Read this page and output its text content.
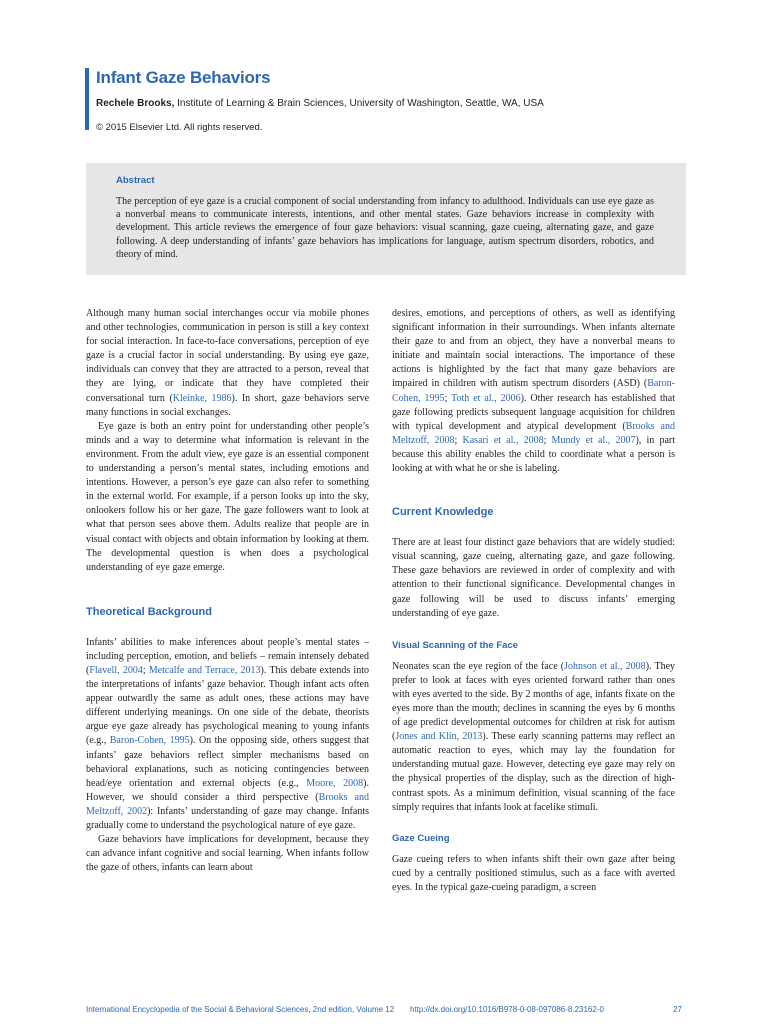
Infant Gaze Behaviors
Rechele Brooks, Institute of Learning & Brain Sciences, University of Washington, Seattle, WA, USA
© 2015 Elsevier Ltd. All rights reserved.
Abstract

The perception of eye gaze is a crucial component of social understanding from infancy to adulthood. Individuals can use eye gaze as a nonverbal means to communicate interests, intentions, and other mental states. Gaze behaviors increase in complexity with development. This article reviews the emergence of four gaze behaviors: visual scanning, gaze cueing, alternating gaze, and gaze following. A deep understanding of infants’ gaze behaviors has implications for language, autism spectrum disorders, robotics, and theory of mind.

Although many human social interchanges occur via mobile phones and other technologies, communication in person is still a key context for social interaction. In face-to-face conversations, perception of eye gaze is a crucial factor in social understanding. By using eye gaze, individuals can convey that they are attracted to a person, reveal that they are lying, or indicate that they have completed their conversational turn (Kleinke, 1986). In short, gaze behaviors serve many functions in social exchanges.

Eye gaze is both an entry point for understanding other people’s minds and a way to determine what information is relevant in the environment. From the adult view, eye gaze is an essential component to understanding a person’s mental states, including emotions and intentions. However, a person’s eye gaze can also refer to something in the external world. For example, if a person looks up into the sky, onlookers follow his or her gaze. The gaze followers want to look at what that person sees above them. Adults realize that people are in visual contact with objects and obtain information by looking at them. The developmental question is when does a psychological understanding of eye gaze emerge.

Theoretical Background

Infants’ abilities to make inferences about people’s mental states – including perception, emotion, and beliefs – remain intensely debated (Flavell, 2004; Metcalfe and Terrace, 2013). This debate extends into the interpretations of infants’ gaze behavior. Though infant acts often appear outwardly the same as adult ones, these actions may have different underlying meanings. On one side of the debate, theorists argue eye gaze already has psychological meaning to young infants (e.g., Baron-Cohen, 1995). On the opposing side, others suggest that infants’ gaze behaviors reflect simpler mechanisms based on behavioral explanations, such as noticing contingencies between head/eye orientation and external objects (e.g., Moore, 2008). However, we should consider a third perspective (Brooks and Meltzoff, 2002): Infants’ understanding of gaze may change. Infants gradually come to understand the psychological nature of eye gaze.

Gaze behaviors have implications for development, because they can advance infant cognitive and social learning. When infants follow the gaze of others, infants can learn about

desires, emotions, and perceptions of others, as well as identifying significant information in their surroundings. When infants alternate their gaze to and from an object, they have a nonverbal means to initiate and maintain social interactions. The importance of these actions is highlighted by the fact that many gaze behaviors are impaired in children with autism spectrum disorders (ASD) (Baron-Cohen, 1995; Toth et al., 2006). Other research has established that gaze following predicts subsequent language acquisition for children with typical development and atypical development (Brooks and Meltzoff, 2008; Kasari et al., 2008; Mundy et al., 2007), in part because this ability enables the child to coordinate what a person is looking at with what he or she is labeling.

Current Knowledge

There are at least four distinct gaze behaviors that are widely studied: visual scanning, gaze cueing, alternating gaze, and gaze following. These gaze behaviors are reviewed in order of complexity and with attention to their functional significance. Developmental changes in gaze following will be used to discuss infants’ emerging understanding of eye gaze.

Visual Scanning of the Face

Neonates scan the eye region of the face (Johnson et al., 2008). They prefer to look at faces with eyes oriented forward rather than ones with eyes averted to the side. By 2 months of age, infants fixate on the eyes more than the mouth; declines in scanning the eyes by 6 months of age predict developmental outcomes for children at risk for autism (Jones and Klin, 2013). These early scanning patterns may reflect an automatic reaction to eyes, which may lay the foundation for understanding mutual gaze. However, detecting eye gaze may rely on the physical properties of the display, such as the direction of high-contrast spots. As a minimum definition, visual scanning of the face simply requires that infants look at facelike stimuli.

Gaze Cueing

Gaze cueing refers to when infants shift their own gaze after being cued by a centrally positioned stimulus, such as a face with averted eyes. In the typical gaze-cueing paradigm, a screen

International Encyclopedia of the Social & Behavioral Sciences, 2nd edition, Volume 12 http://dx.doi.org/10.1016/B978-0-08-097086-8.23162-0	27
